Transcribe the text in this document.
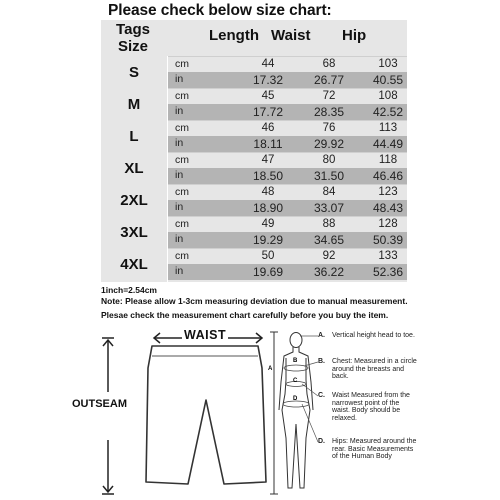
Please check below size chart:
Tags
Size
Length Waist Hip
S	cm	44	68	103
in	17.32	26.77	40.55
M	cm	45	72	108
in	17.72	28.35	42.52
L	cm	46	76	113
in	18.11	29.92	44.49
XL	cm	47	80	118
in	18.50	31.50	46.46
2XL	cm	48	84	123
in	18.90	33.07	48.43
3XL	cm	49	88	128
in	19.29	34.65	50.39
4XL	cm	50	92	133
in	19.69	36.22	52.36
1inch=2.54cm
Note: Please allow 1-3cm measuring deviation due to manual measurement.
Plesae check the measurement chart carefully before you buy the item.
OUTSEAM
WAIST
A
B
C
D
A. Vertical height head to toe.
B. Chest: Measured in a circle around the breasts and back.
C. Waist Measured from the narrowest point of the waist. Body should be relaxed.
D. Hips: Measured around the rear. Basic Measurements of the Human Body
